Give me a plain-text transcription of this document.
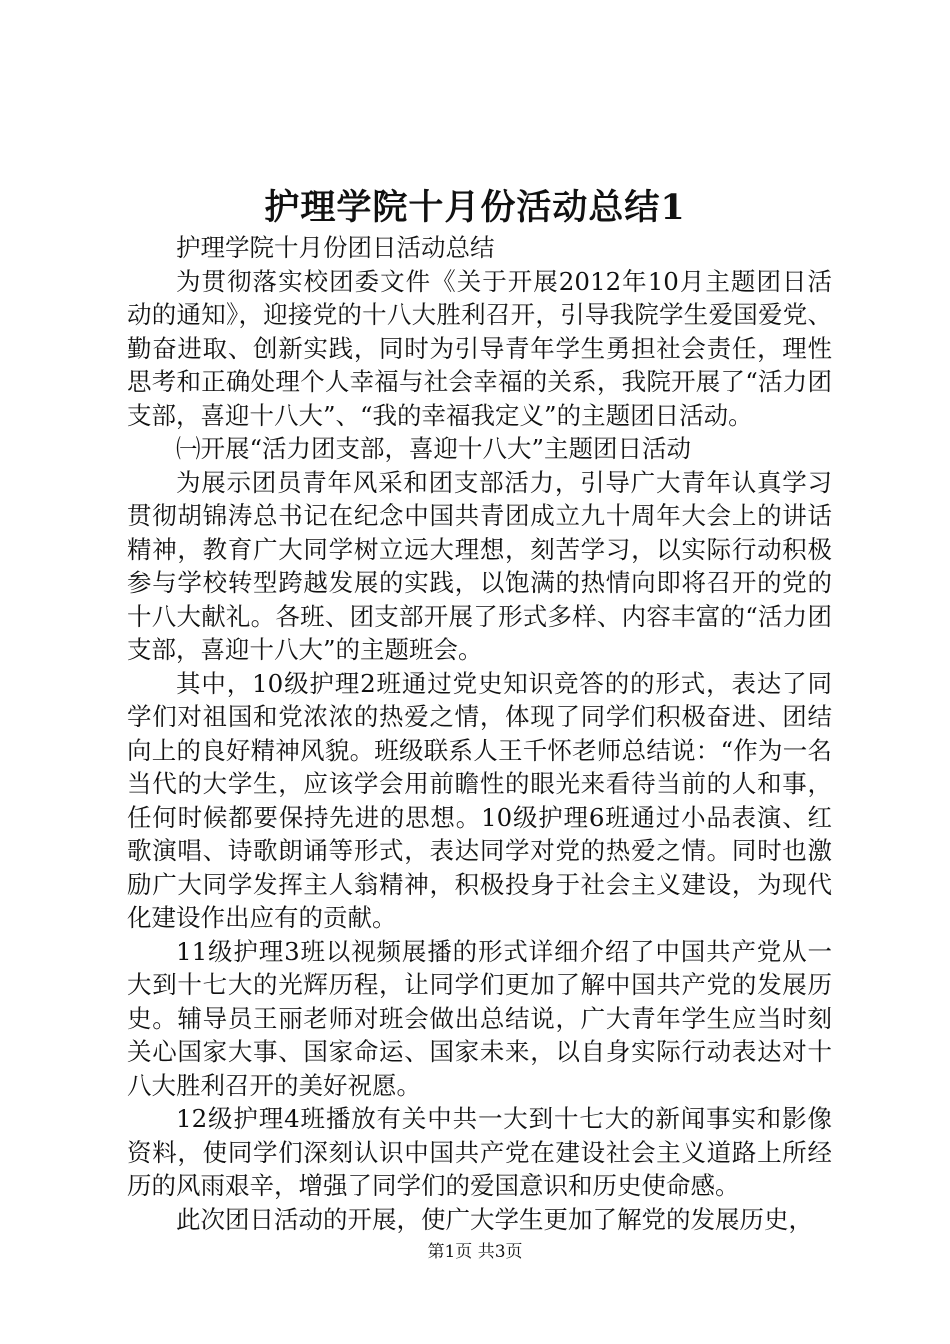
护理学院十月份活动总结1

护理学院十月份团日活动总结

为贯彻落实校团委文件《关于开展2012年10月主题团日活动的通知》，迎接党的十八大胜利召开，引导我院学生爱国爱党、勤奋进取、创新实践，同时为引导青年学生勇担社会责任，理性思考和正确处理个人幸福与社会幸福的关系，我院开展了“活力团支部，喜迎十八大”、“我的幸福我定义”的主题团日活动。

㈠开展“活力团支部，喜迎十八大”主题团日活动

为展示团员青年风采和团支部活力，引导广大青年认真学习贯彻胡锦涛总书记在纪念中国共青团成立九十周年大会上的讲话精神，教育广大同学树立远大理想，刻苦学习，以实际行动积极参与学校转型跨越发展的实践，以饱满的热情向即将召开的党的十八大献礼。各班、团支部开展了形式多样、内容丰富的“活力团支部，喜迎十八大”的主题班会。

其中，10级护理2班通过党史知识竞答的的形式，表达了同学们对祖国和党浓浓的热爱之情，体现了同学们积极奋进、团结向上的良好精神风貌。班级联系人王千怀老师总结说：“作为一名当代的大学生，应该学会用前瞻性的眼光来看待当前的人和事，任何时候都要保持先进的思想。10级护理6班通过小品表演、红歌演唱、诗歌朗诵等形式，表达同学对党的热爱之情。同时也激励广大同学发挥主人翁精神，积极投身于社会主义建设，为现代化建设作出应有的贡献。

11级护理3班以视频展播的形式详细介绍了中国共产党从一大到十七大的光辉历程，让同学们更加了解中国共产党的发展历史。辅导员王丽老师对班会做出总结说，广大青年学生应当时刻关心国家大事、国家命运、国家未来，以自身实际行动表达对十八大胜利召开的美好祝愿。

12级护理4班播放有关中共一大到十七大的新闻事实和影像资料，使同学们深刻认识中国共产党在建设社会主义道路上所经历的风雨艰辛，增强了同学们的爱国意识和历史使命感。

此次团日活动的开展，使广大学生更加了解党的发展历史，

第1页 共3页
